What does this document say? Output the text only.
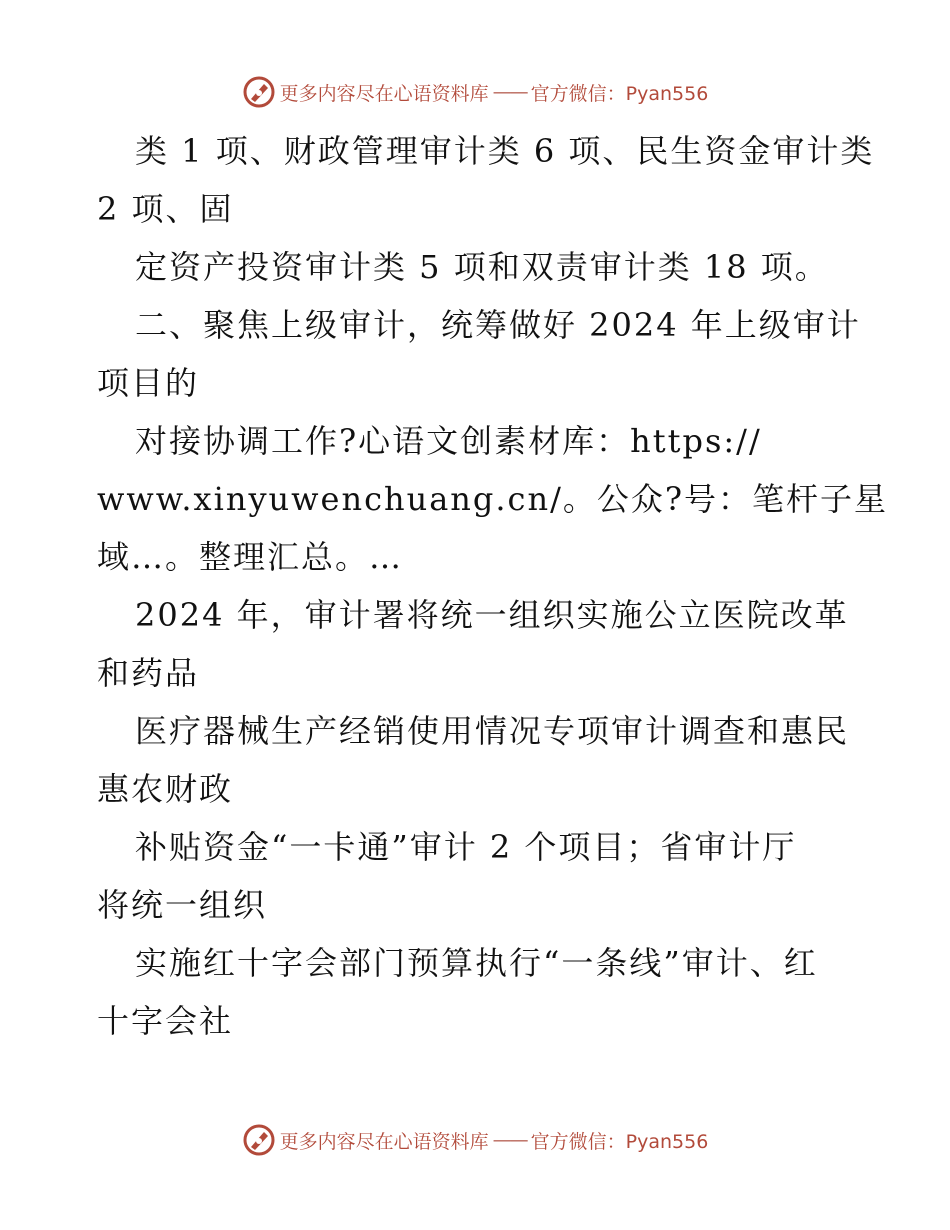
更多内容尽在心语资料库 —— 官方微信：Pyan556
类 1 项、财政管理审计类 6 项、民生资金审计类
2 项、固
定资产投资审计类 5 项和双责审计类 18 项。
二、聚焦上级审计，统筹做好 2024 年上级审计
项目的
对接协调工作?心语文创素材库：https://
www.xinyuwenchuang.cn/。公众?号：笔杆子星
域…。整理汇总。…
2024 年，审计署将统一组织实施公立医院改革
和药品
医疗器械生产经销使用情况专项审计调查和惠民
惠农财政
补贴资金“一卡通”审计 2 个项目；省审计厅
将统一组织
实施红十字会部门预算执行“一条线”审计、红
十字会社
更多内容尽在心语资料库 —— 官方微信：Pyan556
